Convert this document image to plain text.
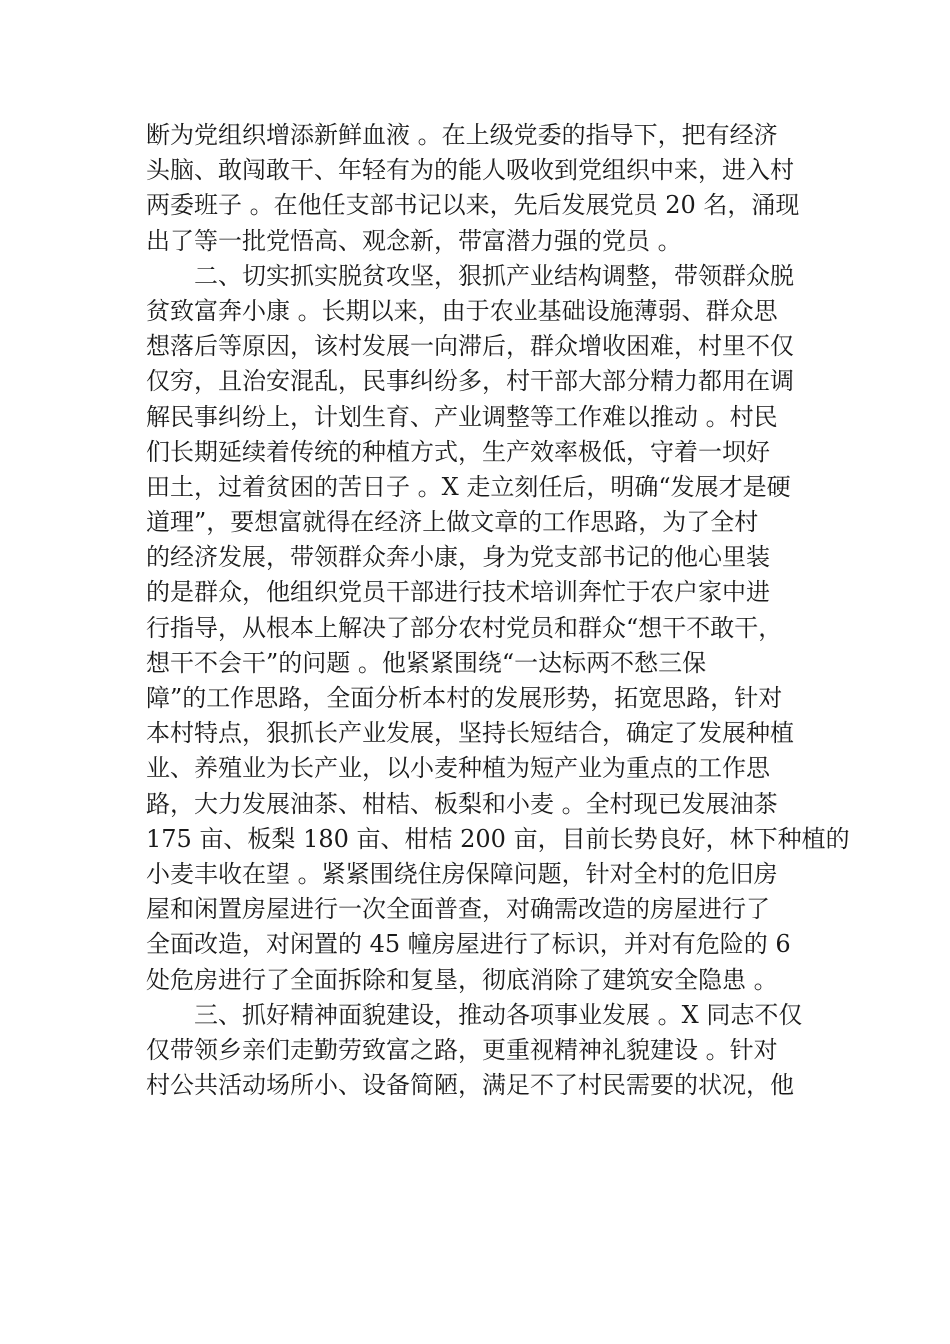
断为党组织增添新鲜血液 。在上级党委的指导下，把有经济
头脑、敢闯敢干、年轻有为的能人吸收到党组织中来，进入村
两委班子 。在他任支部书记以来，先后发展党员 20 名，涌现
出了等一批党悟高、观念新，带富潜力强的党员 。
二、切实抓实脱贫攻坚，狠抓产业结构调整，带领群众脱
贫致富奔小康 。长期以来，由于农业基础设施薄弱、群众思
想落后等原因，该村发展一向滞后，群众增收困难，村里不仅
仅穷，且治安混乱，民事纠纷多，村干部大部分精力都用在调
解民事纠纷上，计划生育、产业调整等工作难以推动 。村民
们长期延续着传统的种植方式，生产效率极低，守着一坝好
田土，过着贫困的苦日子 。X 走立刻任后，明确“发展才是硬
道理”，要想富就得在经济上做文章的工作思路，为了全村
的经济发展，带领群众奔小康，身为党支部书记的他心里装
的是群众，他组织党员干部进行技术培训奔忙于农户家中进
行指导，从根本上解决了部分农村党员和群众“想干不敢干，
想干不会干”的问题 。他紧紧围绕“一达标两不愁三保
障”的工作思路，全面分析本村的发展形势，拓宽思路，针对
本村特点，狠抓长产业发展，坚持长短结合，确定了发展种植
业、养殖业为长产业，以小麦种植为短产业为重点的工作思
路，大力发展油茶、柑桔、板梨和小麦 。全村现已发展油茶
175 亩、板梨 180 亩、柑桔 200 亩，目前长势良好，林下种植的
小麦丰收在望 。紧紧围绕住房保障问题，针对全村的危旧房
屋和闲置房屋进行一次全面普查，对确需改造的房屋进行了
全面改造，对闲置的 45 幢房屋进行了标识，并对有危险的 6
处危房进行了全面拆除和复垦，彻底消除了建筑安全隐患 。
三、抓好精神面貌建设，推动各项事业发展 。X 同志不仅
仅带领乡亲们走勤劳致富之路，更重视精神礼貌建设 。针对
村公共活动场所小、设备简陋，满足不了村民需要的状况，他
